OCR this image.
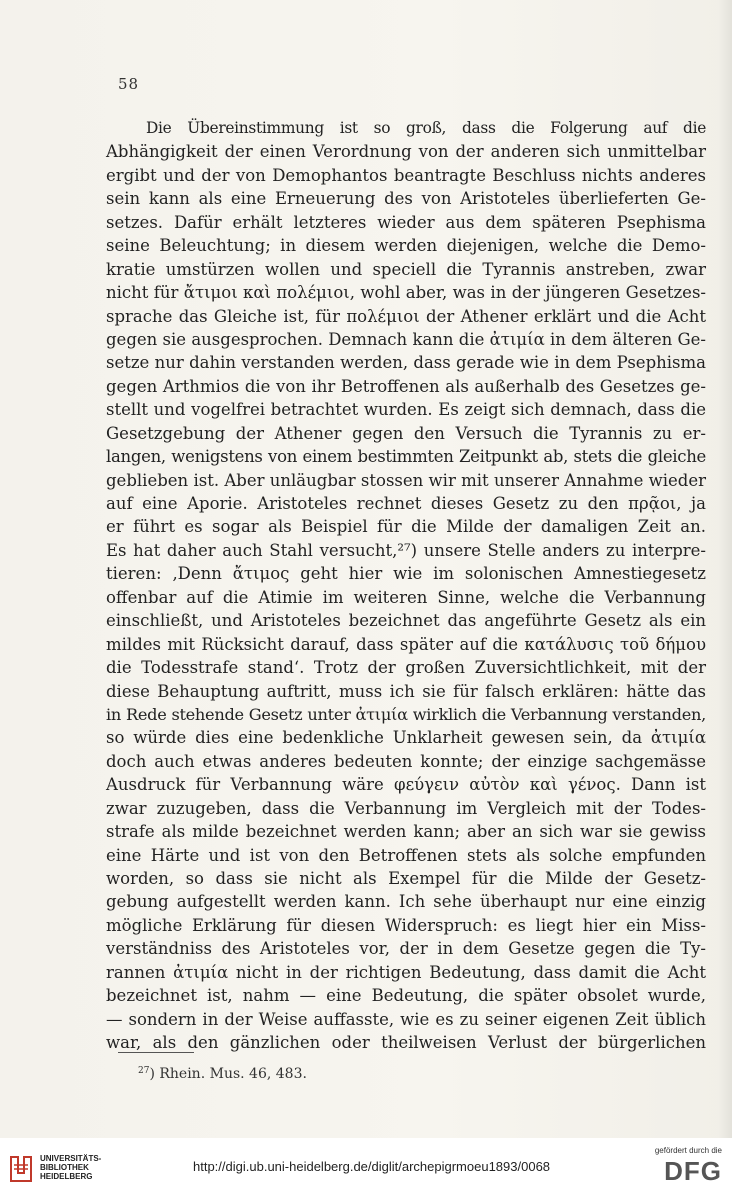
58
Die Übereinstimmung ist so groß, dass die Folgerung auf die
Abhängigkeit der einen Verordnung von der anderen sich unmittelbar
ergibt und der von Demophantos beantragte Beschluss nichts anderes
sein kann als eine Erneuerung des von Aristoteles überlieferten Ge-
setzes. Dafür erhält letzteres wieder aus dem späteren Psephisma
seine Beleuchtung; in diesem werden diejenigen, welche die Demo-
kratie umstürzen wollen und speciell die Tyrannis anstreben, zwar
nicht für ἄτιμοι καὶ πολέμιοι, wohl aber, was in der jüngeren Gesetzes-
sprache das Gleiche ist, für πολέμιοι der Athener erklärt und die Acht
gegen sie ausgesprochen. Demnach kann die ἀτιμία in dem älteren Ge-
setze nur dahin verstanden werden, dass gerade wie in dem Psephisma
gegen Arthmios die von ihr Betroffenen als außerhalb des Gesetzes ge-
stellt und vogelfrei betrachtet wurden. Es zeigt sich demnach, dass die
Gesetzgebung der Athener gegen den Versuch die Tyrannis zu er-
langen, wenigstens von einem bestimmten Zeitpunkt ab, stets die gleiche
geblieben ist. Aber unläugbar stossen wir mit unserer Annahme wieder
auf eine Aporie. Aristoteles rechnet dieses Gesetz zu den πρᾷοι, ja
er führt es sogar als Beispiel für die Milde der damaligen Zeit an.
Es hat daher auch Stahl versucht,²⁷) unsere Stelle anders zu interpre-
tieren: ‚Denn ἄτιμος geht hier wie im solonischen Amnestiegesetz
offenbar auf die Atimie im weiteren Sinne, welche die Verbannung
einschließt, und Aristoteles bezeichnet das angeführte Gesetz als ein
mildes mit Rücksicht darauf, dass später auf die κατάλυσις τοῦ δήμου
die Todesstrafe stand‘. Trotz der großen Zuversichtlichkeit, mit der
diese Behauptung auftritt, muss ich sie für falsch erklären: hätte das
in Rede stehende Gesetz unter ἀτιμία wirklich die Verbannung verstanden,
so würde dies eine bedenkliche Unklarheit gewesen sein, da ἀτιμία
doch auch etwas anderes bedeuten konnte; der einzige sachgemässe
Ausdruck für Verbannung wäre φεύγειν αὐτὸν καὶ γένος. Dann ist
zwar zuzugeben, dass die Verbannung im Vergleich mit der Todes-
strafe als milde bezeichnet werden kann; aber an sich war sie gewiss
eine Härte und ist von den Betroffenen stets als solche empfunden
worden, so dass sie nicht als Exempel für die Milde der Gesetz-
gebung aufgestellt werden kann. Ich sehe überhaupt nur eine einzig
mögliche Erklärung für diesen Widerspruch: es liegt hier ein Miss-
verständniss des Aristoteles vor, der in dem Gesetze gegen die Ty-
rannen ἀτιμία nicht in der richtigen Bedeutung, dass damit die Acht
bezeichnet ist, nahm — eine Bedeutung, die später obsolet wurde,
— sondern in der Weise auffasste, wie es zu seiner eigenen Zeit üblich
war, als den gänzlichen oder theilweisen Verlust der bürgerlichen
$^{27}$) Rhein. Mus. 46, 483.
UNIVERSITÄTS-
BIBLIOTHEK
HEIDELBERG
http://digi.ub.uni-heidelberg.de/diglit/archepigrmoeu1893/0068
gefördert durch die
DFG
